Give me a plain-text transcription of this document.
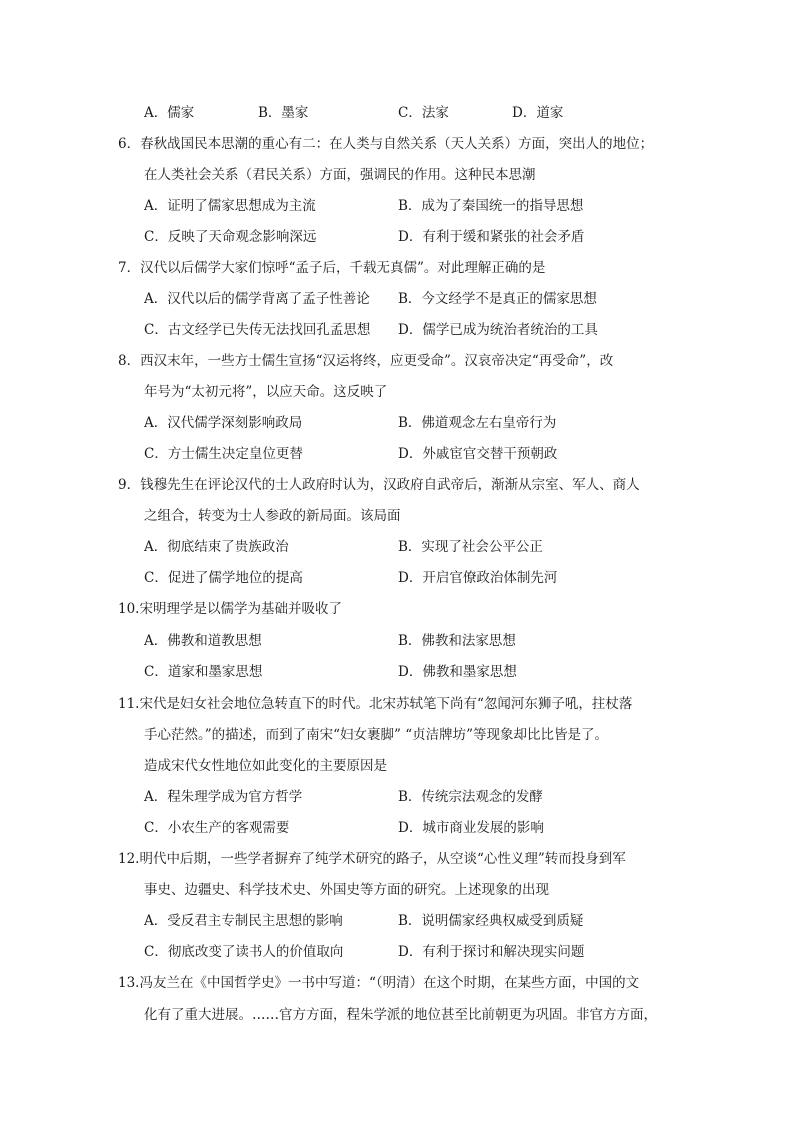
A．儒家	B．墨家	C．法家	D．道家
6．春秋战国民本思潮的重心有二：在人类与自然关系（天人关系）方面，突出人的地位；
在人类社会关系（君民关系）方面，强调民的作用。这种民本思潮
A．证明了儒家思想成为主流	B．成为了秦国统一的指导思想
C．反映了天命观念影响深远	D．有利于缓和紧张的社会矛盾
7．汉代以后儒学大家们惊呼“孟子后，千载无真儒”。对此理解正确的是
A．汉代以后的儒学背离了孟子性善论 B．今文经学不是真正的儒家思想
C．古文经学已失传无法找回孔孟思想 D．儒学已成为统治者统治的工具
8．西汉末年，一些方士儒生宣扬“汉运将终，应更受命”。汉哀帝决定“再受命”，改
年号为“太初元将”，以应天命。这反映了
A．汉代儒学深刻影响政局	B．佛道观念左右皇帝行为
C．方士儒生决定皇位更替	D．外戚宦官交替干预朝政
9．钱穆先生在评论汉代的士人政府时认为，汉政府自武帝后，渐渐从宗室、军人、商人
之组合，转变为士人参政的新局面。该局面
A．彻底结束了贵族政治	B．实现了社会公平公正
C．促进了儒学地位的提高	D．开启官僚政治体制先河
10.宋明理学是以儒学为基础并吸收了
A．佛教和道教思想	B．佛教和法家思想
C．道家和墨家思想	D．佛教和墨家思想
11.宋代是妇女社会地位急转直下的时代。北宋苏轼笔下尚有“忽闻河东狮子吼，拄杖落
手心茫然。”的描述，而到了南宋“妇女裹脚” “贞洁牌坊”等现象却比比皆是了。
造成宋代女性地位如此变化的主要原因是
A．程朱理学成为官方哲学	B．传统宗法观念的发酵
C．小农生产的客观需要	D．城市商业发展的影响
12.明代中后期，一些学者摒弃了纯学术研究的路子，从空谈“心性义理”转而投身到军
事史、边疆史、科学技术史、外国史等方面的研究。上述现象的出现
A．受反君主专制民主思想的影响	B．说明儒家经典权威受到质疑
C．彻底改变了读书人的价值取向	D．有利于探讨和解决现实问题
13.冯友兰在《中国哲学史》一书中写道：“（明清）在这个时期，在某些方面，中国的文
化有了重大进展。……官方方面，程朱学派的地位甚至比前朝更为巩固。非官方方面，
